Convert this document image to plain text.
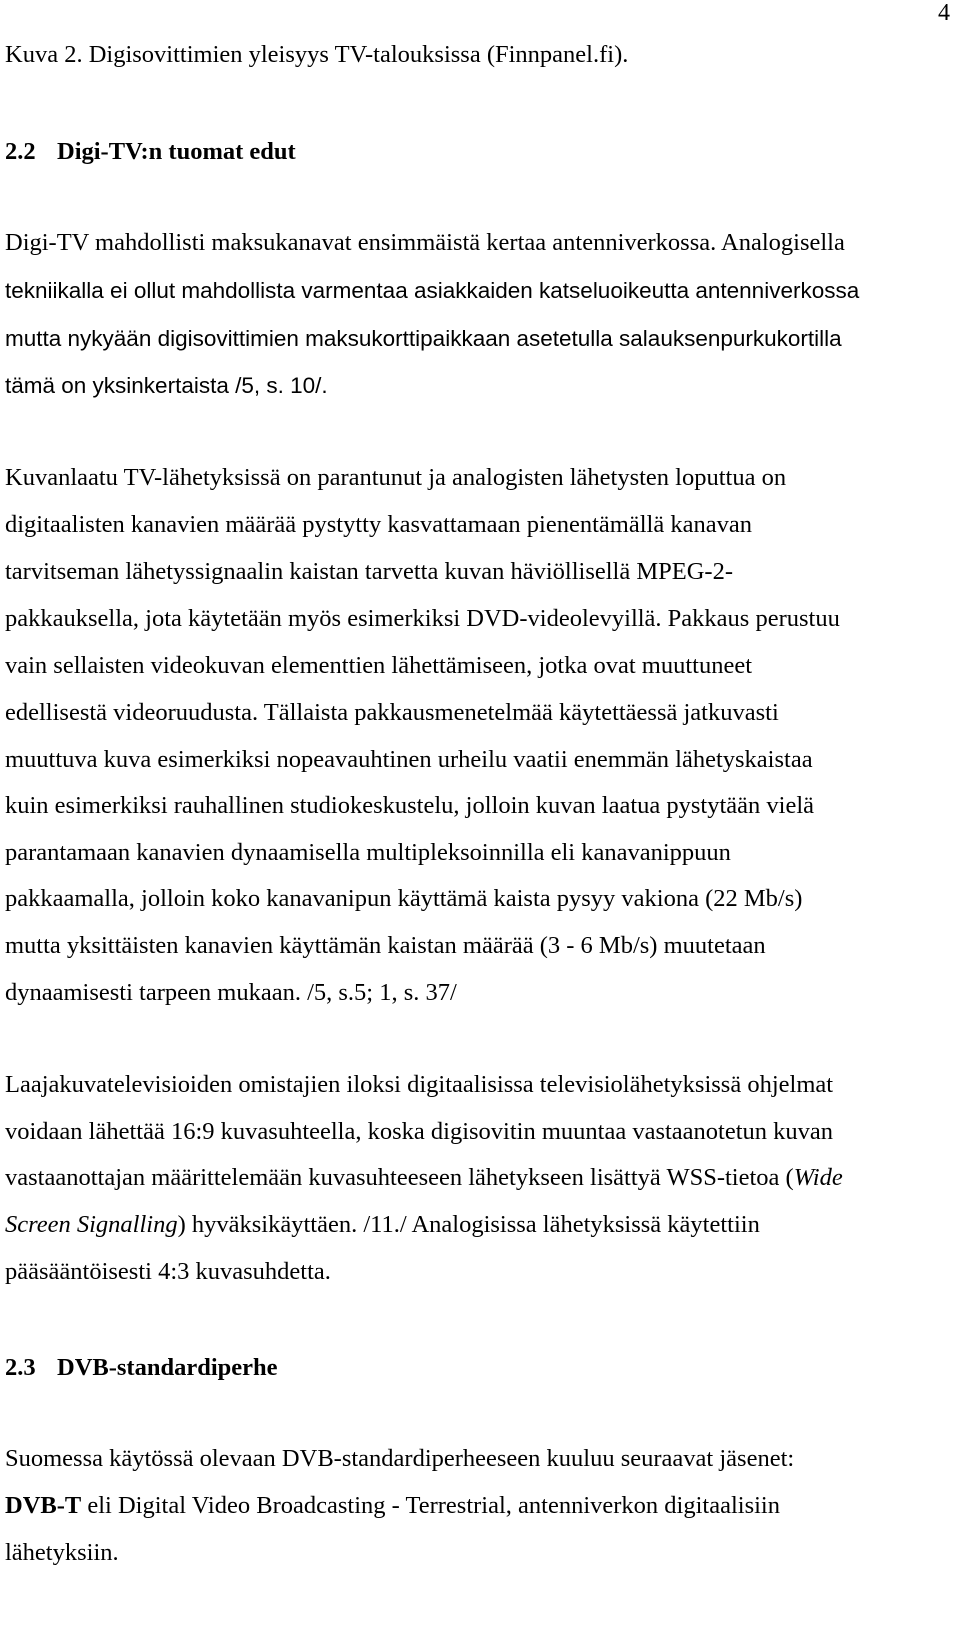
4
Kuva 2. Digisovittimien yleisyys TV-talouksissa (Finnpanel.fi).
2.2 Digi-TV:n tuomat edut
Digi-TV mahdollisti maksukanavat ensimmäistä kertaa antenniverkossa. Analogisella
tekniikalla ei ollut mahdollista varmentaa asiakkaiden katseluoikeutta antenniverkossa
mutta nykyään digisovittimien maksukorttipaikkaan asetetulla salauksenpurkukortilla
tämä on yksinkertaista /5, s. 10/.
Kuvanlaatu TV-lähetyksissä on parantunut ja analogisten lähetysten loputtua on
digitaalisten kanavien määrää pystytty kasvattamaan pienentämällä kanavan
tarvitseman lähetyssignaalin kaistan tarvetta kuvan häviöllisellä MPEG-2-
pakkauksella, jota käytetään myös esimerkiksi DVD-videolevyillä. Pakkaus perustuu
vain sellaisten videokuvan elementtien lähettämiseen, jotka ovat muuttuneet
edellisestä videoruudusta. Tällaista pakkausmenetelmää käytettäessä jatkuvasti
muuttuva kuva esimerkiksi nopeavauhtinen urheilu vaatii enemmän lähetyskaistaa
kuin esimerkiksi rauhallinen studiokeskustelu, jolloin kuvan laatua pystytään vielä
parantamaan kanavien dynaamisella multipleksoinnilla eli kanavanippuun
pakkaamalla, jolloin koko kanavanipun käyttämä kaista pysyy vakiona (22 Mb/s)
mutta yksittäisten kanavien käyttämän kaistan määrää (3 - 6 Mb/s) muutetaan
dynaamisesti tarpeen mukaan. /5, s.5; 1, s. 37/
Laajakuvatelevisioiden omistajien iloksi digitaalisissa televisiolähetyksissä ohjelmat
voidaan lähettää 16:9 kuvasuhteella, koska digisovitin muuntaa vastaanotetun kuvan
vastaanottajan määrittelemään kuvasuhteeseen lähetykseen lisättyä WSS-tietoa (Wide
Screen Signalling) hyväksikäyttäen. /11./ Analogisissa lähetyksissä käytettiin
pääsääntöisesti 4:3 kuvasuhdetta.
2.3 DVB-standardiperhe
Suomessa käytössä olevaan DVB-standardiperheeseen kuuluu seuraavat jäsenet:
DVB-T eli Digital Video Broadcasting - Terrestrial, antenniverkon digitaalisiin
lähetyksiin.
